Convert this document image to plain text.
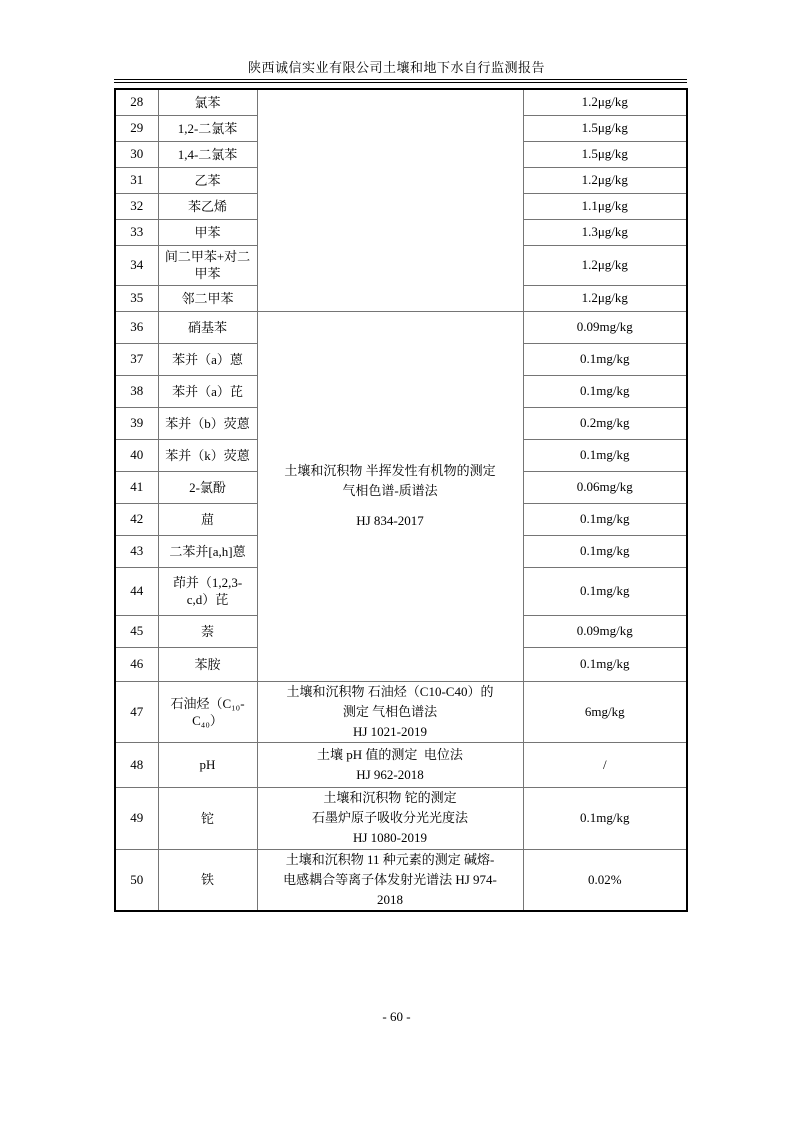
陕西诚信实业有限公司土壤和地下水自行监测报告
28	氯苯		1.2μg/kg
29	1,2-二氯苯		1.5μg/kg
30	1,4-二氯苯		1.5μg/kg
31	乙苯		1.2μg/kg
32	苯乙烯		1.1μg/kg
33	甲苯		1.3μg/kg
34	间二甲苯+对二甲苯		1.2μg/kg
35	邻二甲苯		1.2μg/kg
36	硝基苯	土壤和沉积物 半挥发性有机物的测定
气相色谱-质谱法
HJ 834-2017	0.09mg/kg
37	苯并（a）蒽		0.1mg/kg
38	苯并（a）芘		0.1mg/kg
39	苯并（b）荧蒽		0.2mg/kg
40	苯并（k）荧蒽		0.1mg/kg
41	2-氯酚		0.06mg/kg
42	䓛		0.1mg/kg
43	二苯并[a,h]蒽		0.1mg/kg
44	茚并（1,2,3-c,d）芘		0.1mg/kg
45	萘		0.09mg/kg
46	苯胺		0.1mg/kg
47	石油烃（C₁₀-C₄₀）	土壤和沉积物 石油烃（C10-C40）的
测定 气相色谱法
HJ 1021-2019	6mg/kg
48	pH	土壤 pH 值的测定  电位法
HJ 962-2018	/
49	铊	土壤和沉积物 铊的测定
石墨炉原子吸收分光光度法
HJ 1080-2019	0.1mg/kg
50	铁	土壤和沉积物 11 种元素的测定 碱熔-
电感耦合等离子体发射光谱法 HJ 974-
2018	0.02%
- 60 -
